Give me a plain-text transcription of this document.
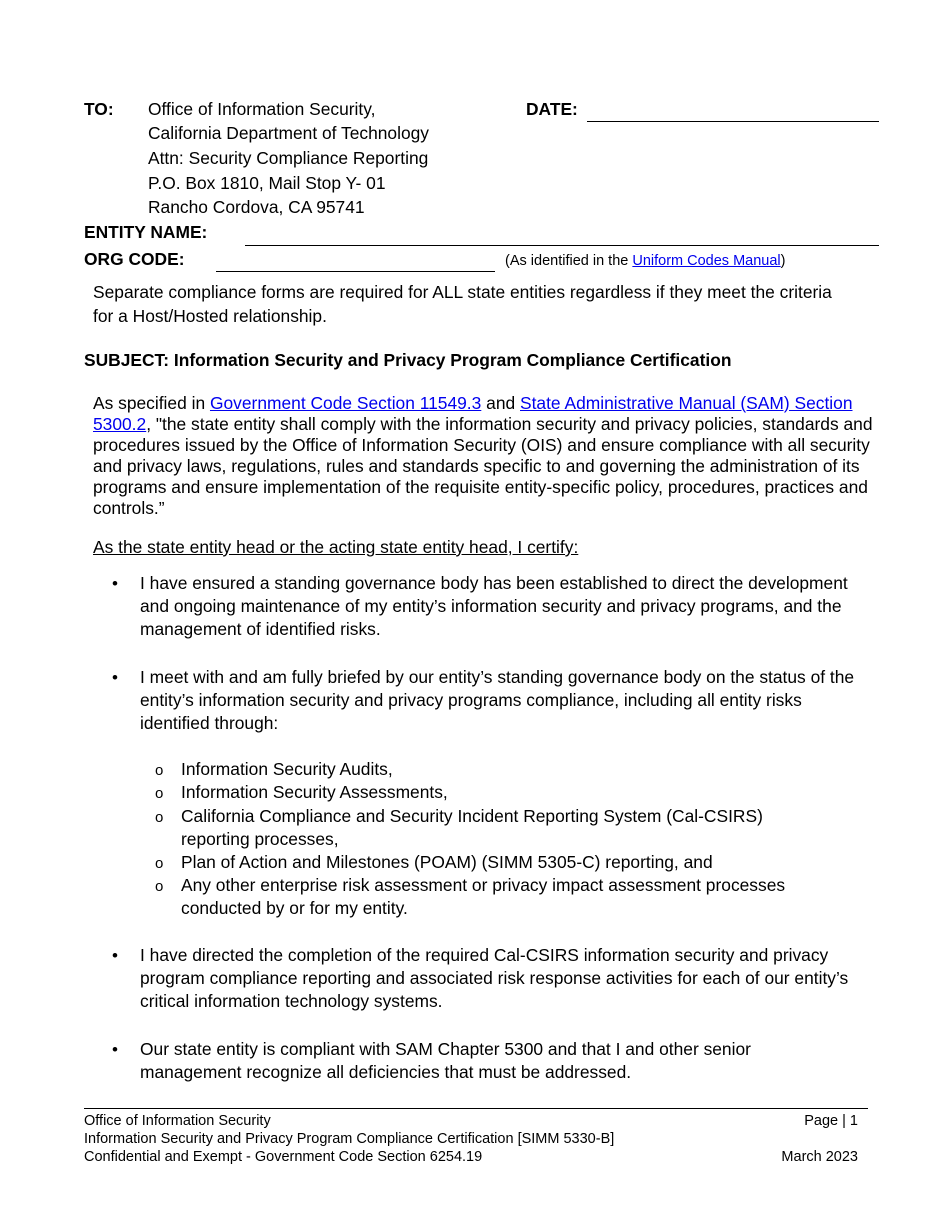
TO: Office of Information Security,
California Department of Technology
Attn: Security Compliance Reporting
P.O. Box 1810, Mail Stop Y- 01
Rancho Cordova, CA 95741
DATE:
ENTITY NAME:
ORG CODE:	(As identified in the Uniform Codes Manual)
Separate compliance forms are required for ALL state entities regardless if they meet the criteria for a Host/Hosted relationship.
SUBJECT: Information Security and Privacy Program Compliance Certification
As specified in Government Code Section 11549.3 and State Administrative Manual (SAM) Section 5300.2, "the state entity shall comply with the information security and privacy policies, standards and procedures issued by the Office of Information Security (OIS) and ensure compliance with all security and privacy laws, regulations, rules and standards specific to and governing the administration of its programs and ensure implementation of the requisite entity-specific policy, procedures, practices and controls.”
As the state entity head or the acting state entity head, I certify:
• I have ensured a standing governance body has been established to direct the development and ongoing maintenance of my entity’s information security and privacy programs, and the management of identified risks.
• I meet with and am fully briefed by our entity’s standing governance body on the status of the entity’s information security and privacy programs compliance, including all entity risks identified through:
o Information Security Audits,
o Information Security Assessments,
o California Compliance and Security Incident Reporting System (Cal-CSIRS) reporting processes,
o Plan of Action and Milestones (POAM) (SIMM 5305-C) reporting, and
o Any other enterprise risk assessment or privacy impact assessment processes conducted by or for my entity.
• I have directed the completion of the required Cal-CSIRS information security and privacy program compliance reporting and associated risk response activities for each of our entity’s critical information technology systems.
• Our state entity is compliant with SAM Chapter 5300 and that I and other senior management recognize all deficiencies that must be addressed.
Office of Information Security
Information Security and Privacy Program Compliance Certification [SIMM 5330-B]
Confidential and Exempt - Government Code Section 6254.19
Page | 1
March 2023
